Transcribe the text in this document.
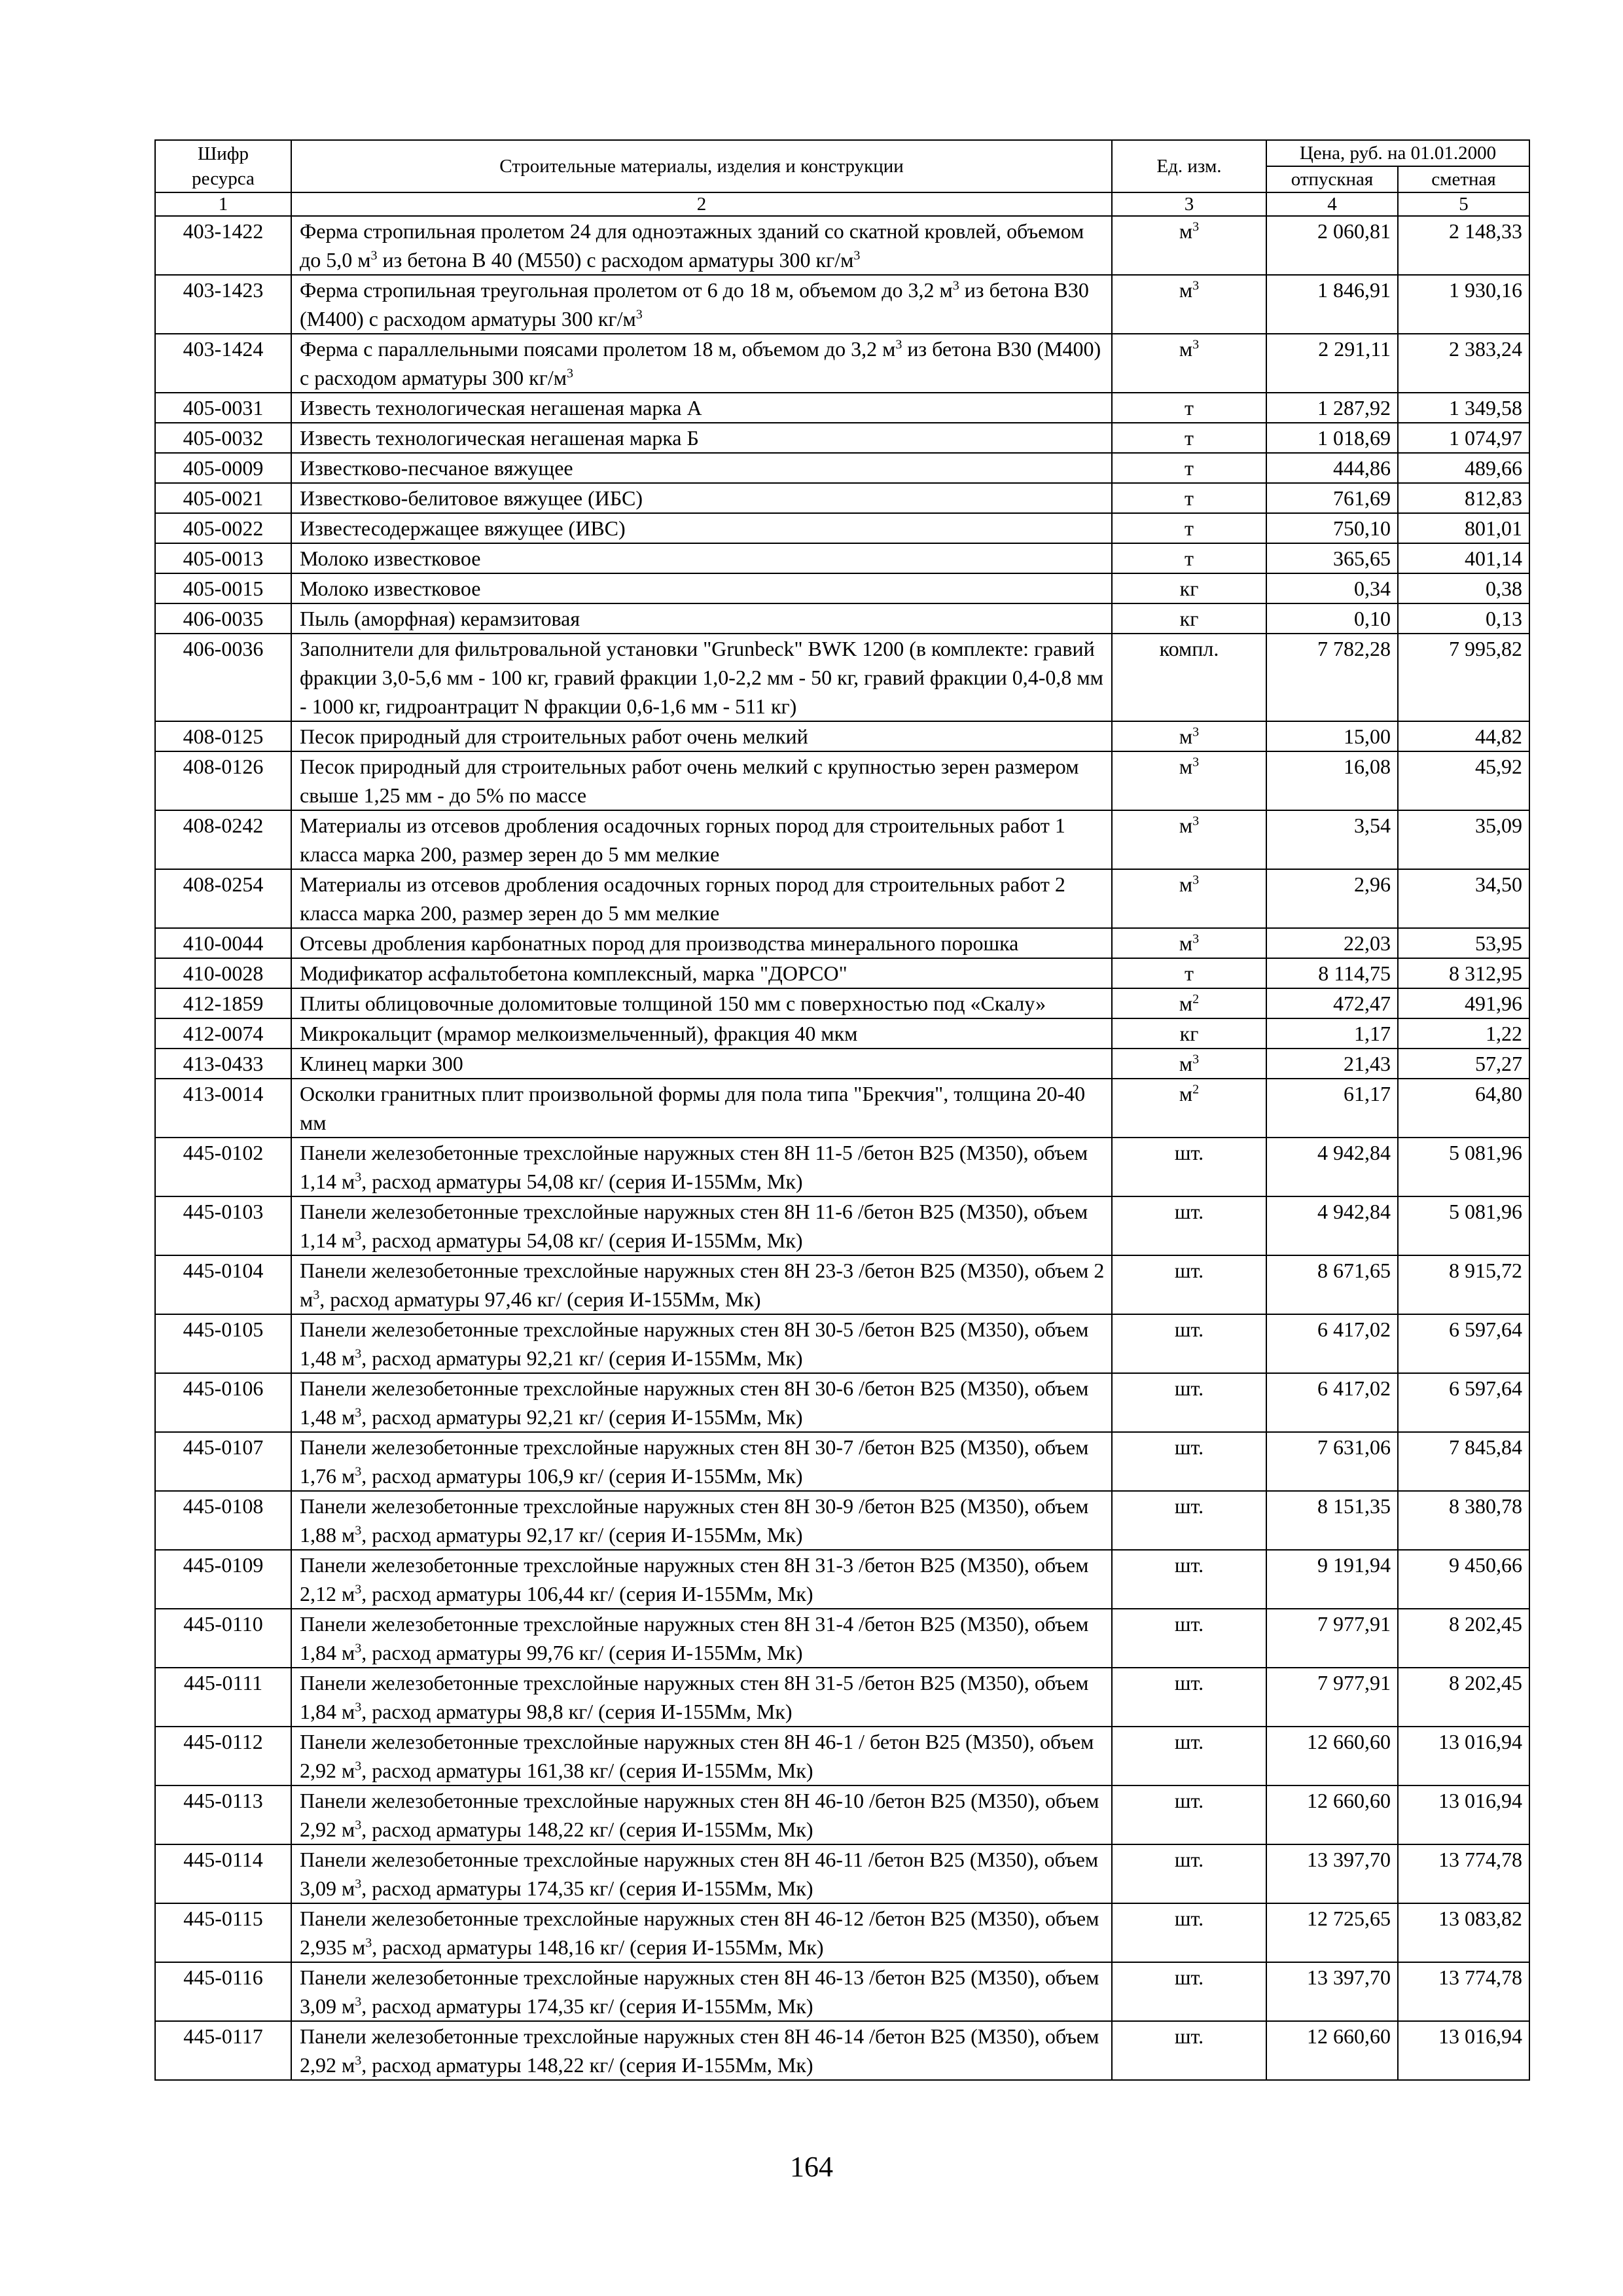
Шифр
ресурса	Строительные материалы, изделия и конструкции	Ед. изм.	Цена, руб. на 01.01.2000	
			отпускная	сметная
1	2	3	4	5
403-1422	Ферма стропильная пролетом 24 для одноэтажных зданий со скатной кровлей, объемом до 5,0 $м^3$ из бетона В 40 (М550) с расходом арматуры 300 $кг/м^3$	$м^3$	2 060,81	2 148,33
403-1423	Ферма стропильная треугольная пролетом от 6 до 18 м, объемом до 3,2 $м^3$ из бетона В30 (М400) с расходом арматуры 300 $кг/м^3$	$м^3$	1 846,91	1 930,16
403-1424	Ферма с параллельными поясами пролетом 18 м, объемом до 3,2 $м^3$ из бетона В30 (М400) с расходом арматуры 300 $кг/м^3$	$м^3$	2 291,11	2 383,24
405-0031	Известь технологическая негашеная марка А	т	1 287,92	1 349,58
405-0032	Известь технологическая негашеная марка Б	т	1 018,69	1 074,97
405-0009	Известково-песчаное вяжущее	т	444,86	489,66
405-0021	Известково-белитовое вяжущее (ИБС)	т	761,69	812,83
405-0022	Известесодержащее вяжущее (ИВС)	т	750,10	801,01
405-0013	Молоко известковое	т	365,65	401,14
405-0015	Молоко известковое	кг	0,34	0,38
406-0035	Пыль (аморфная) керамзитовая	кг	0,10	0,13
406-0036	Заполнители для фильтровальной установки "Grunbeck" BWK 1200 (в комплекте: гравий фракции 3,0-5,6 мм - 100 кг, гравий фракции 1,0-2,2 мм - 50 кг, гравий фракции 0,4-0,8 мм - 1000 кг, гидроантрацит N фракции 0,6-1,6 мм - 511 кг)	компл.	7 782,28	7 995,82
408-0125	Песок природный для строительных работ очень мелкий	$м^3$	15,00	44,82
408-0126	Песок природный для строительных работ очень мелкий с крупностью зерен размером свыше 1,25 мм - до 5% по массе	$м^3$	16,08	45,92
408-0242	Материалы из отсевов дробления осадочных горных пород для строительных работ 1 класса марка 200, размер зерен до 5 мм мелкие	$м^3$	3,54	35,09
408-0254	Материалы из отсевов дробления осадочных горных пород для строительных работ 2 класса марка 200, размер зерен до 5 мм мелкие	$м^3$	2,96	34,50
410-0044	Отсевы дробления карбонатных пород для производства минерального порошка	$м^3$	22,03	53,95
410-0028	Модификатор асфальтобетона комплексный, марка "ДОРСО"	т	8 114,75	8 312,95
412-1859	Плиты облицовочные доломитовые толщиной 150 мм с поверхностью под «Скалу»	$м^2$	472,47	491,96
412-0074	Микрокальцит (мрамор мелкоизмельченный), фракция 40 мкм	кг	1,17	1,22
413-0433	Клинец марки 300	$м^3$	21,43	57,27
413-0014	Осколки гранитных плит произвольной формы для пола типа "Брекчия", толщина 20-40 мм	$м^2$	61,17	64,80
445-0102	Панели железобетонные трехслойные наружных стен 8Н 11-5 /бетон В25 (М350), объем 1,14 $м^3$, расход арматуры 54,08 кг/ (серия И-155Мм, Мк)	шт.	4 942,84	5 081,96
445-0103	Панели железобетонные трехслойные наружных стен 8Н 11-6 /бетон В25 (М350), объем 1,14 $м^3$, расход арматуры 54,08 кг/ (серия И-155Мм, Мк)	шт.	4 942,84	5 081,96
445-0104	Панели железобетонные трехслойные наружных стен 8Н 23-3 /бетон В25 (М350), объем 2 $м^3$, расход арматуры 97,46 кг/ (серия И-155Мм, Мк)	шт.	8 671,65	8 915,72
445-0105	Панели железобетонные трехслойные наружных стен 8Н 30-5 /бетон В25 (М350), объем 1,48 $м^3$, расход арматуры 92,21 кг/ (серия И-155Мм, Мк)	шт.	6 417,02	6 597,64
445-0106	Панели железобетонные трехслойные наружных стен 8Н 30-6 /бетон В25 (М350), объем 1,48 $м^3$, расход арматуры 92,21 кг/ (серия И-155Мм, Мк)	шт.	6 417,02	6 597,64
445-0107	Панели железобетонные трехслойные наружных стен 8Н 30-7 /бетон В25 (М350), объем 1,76 $м^3$, расход арматуры 106,9 кг/ (серия И-155Мм, Мк)	шт.	7 631,06	7 845,84
445-0108	Панели железобетонные трехслойные наружных стен 8Н 30-9 /бетон В25 (М350), объем 1,88 $м^3$, расход арматуры 92,17 кг/ (серия И-155Мм, Мк)	шт.	8 151,35	8 380,78
445-0109	Панели железобетонные трехслойные наружных стен 8Н 31-3 /бетон В25 (М350), объем 2,12 $м^3$, расход арматуры 106,44 кг/ (серия И-155Мм, Мк)	шт.	9 191,94	9 450,66
445-0110	Панели железобетонные трехслойные наружных стен 8Н 31-4 /бетон В25 (М350), объем 1,84 $м^3$, расход арматуры 99,76 кг/ (серия И-155Мм, Мк)	шт.	7 977,91	8 202,45
445-0111	Панели железобетонные трехслойные наружных стен 8Н 31-5 /бетон В25 (М350), объем 1,84 $м^3$, расход арматуры 98,8 кг/ (серия И-155Мм, Мк)	шт.	7 977,91	8 202,45
445-0112	Панели железобетонные трехслойные наружных стен 8Н 46-1 / бетон В25 (М350), объем 2,92 $м^3$, расход арматуры 161,38 кг/ (серия И-155Мм, Мк)	шт.	12 660,60	13 016,94
445-0113	Панели железобетонные трехслойные наружных стен 8Н 46-10 /бетон В25 (М350), объем 2,92 $м^3$, расход арматуры 148,22 кг/ (серия И-155Мм, Мк)	шт.	12 660,60	13 016,94
445-0114	Панели железобетонные трехслойные наружных стен 8Н 46-11 /бетон В25 (М350), объем 3,09 $м^3$, расход арматуры 174,35 кг/ (серия И-155Мм, Мк)	шт.	13 397,70	13 774,78
445-0115	Панели железобетонные трехслойные наружных стен 8Н 46-12 /бетон В25 (М350), объем 2,935 $м^3$, расход арматуры 148,16 кг/ (серия И-155Мм, Мк)	шт.	12 725,65	13 083,82
445-0116	Панели железобетонные трехслойные наружных стен 8Н 46-13 /бетон В25 (М350), объем 3,09 $м^3$, расход арматуры 174,35 кг/ (серия И-155Мм, Мк)	шт.	13 397,70	13 774,78
445-0117	Панели железобетонные трехслойные наружных стен 8Н 46-14 /бетон В25 (М350), объем 2,92 $м^3$, расход арматуры 148,22 кг/ (серия И-155Мм, Мк)	шт.	12 660,60	13 016,94
164
